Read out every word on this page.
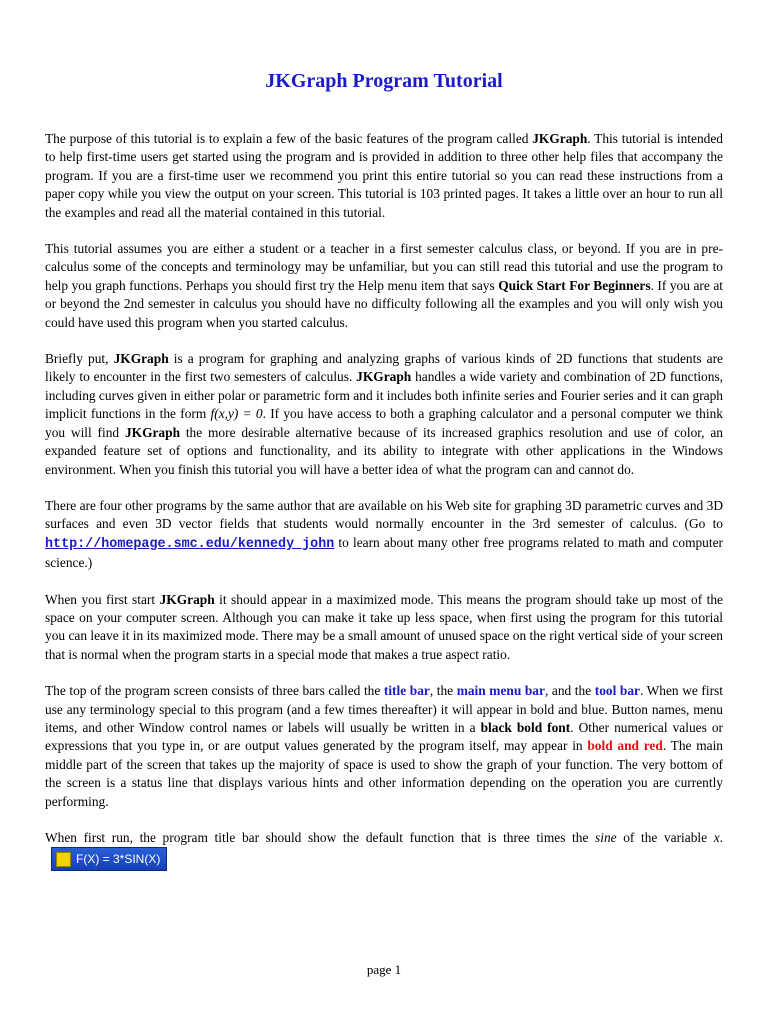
JKGraph Program Tutorial

The purpose of this tutorial is to explain a few of the basic features of the program called JKGraph. This tutorial is intended to help first-time users get started using the program and is provided in addition to three other help files that accompany the program. If you are a first-time user we recommend you print this entire tutorial so you can read these instructions from a paper copy while you view the output on your screen. This tutorial is 103 printed pages. It takes a little over an hour to run all the examples and read all the material contained in this tutorial.

This tutorial assumes you are either a student or a teacher in a first semester calculus class, or beyond. If you are in pre-calculus some of the concepts and terminology may be unfamiliar, but you can still read this tutorial and use the program to help you graph functions. Perhaps you should first try the Help menu item that says Quick Start For Beginners. If you are at or beyond the 2nd semester in calculus you should have no difficulty following all the examples and you will only wish you could have used this program when you started calculus.

Briefly put, JKGraph is a program for graphing and analyzing graphs of various kinds of 2D functions that students are likely to encounter in the first two semesters of calculus. JKGraph handles a wide variety and combination of 2D functions, including curves given in either polar or parametric form and it includes both infinite series and Fourier series and it can graph implicit functions in the form f(x,y) = 0. If you have access to both a graphing calculator and a personal computer we think you will find JKGraph the more desirable alternative because of its increased graphics resolution and use of color, an expanded feature set of options and functionality, and its ability to integrate with other applications in the Windows environment. When you finish this tutorial you will have a better idea of what the program can and cannot do.

There are four other programs by the same author that are available on his Web site for graphing 3D parametric curves and 3D surfaces and even 3D vector fields that students would normally encounter in the 3rd semester of calculus. (Go to http://homepage.smc.edu/kennedy_john to learn about many other free programs related to math and computer science.)

When you first start JKGraph it should appear in a maximized mode. This means the program should take up most of the space on your computer screen. Although you can make it take up less space, when first using the program for this tutorial you can leave it in its maximized mode. There may be a small amount of unused space on the right vertical side of your screen that is normal when the program starts in a special mode that makes a true aspect ratio.

The top of the program screen consists of three bars called the title bar, the main menu bar, and the tool bar. When we first use any terminology special to this program (and a few times thereafter) it will appear in bold and blue. Button names, menu items, and other Window control names or labels will usually be written in a black bold font. Other numerical values or expressions that you type in, or are output values generated by the program itself, may appear in bold and red. The main middle part of the screen that takes up the majority of space is used to show the graph of your function. The very bottom of the screen is a status line that displays various hints and other information depending on the operation you are currently performing.

When first run, the program title bar should show the default function that is three times the sine of the variable x.F(X) = 3*SIN(X)

page 1
